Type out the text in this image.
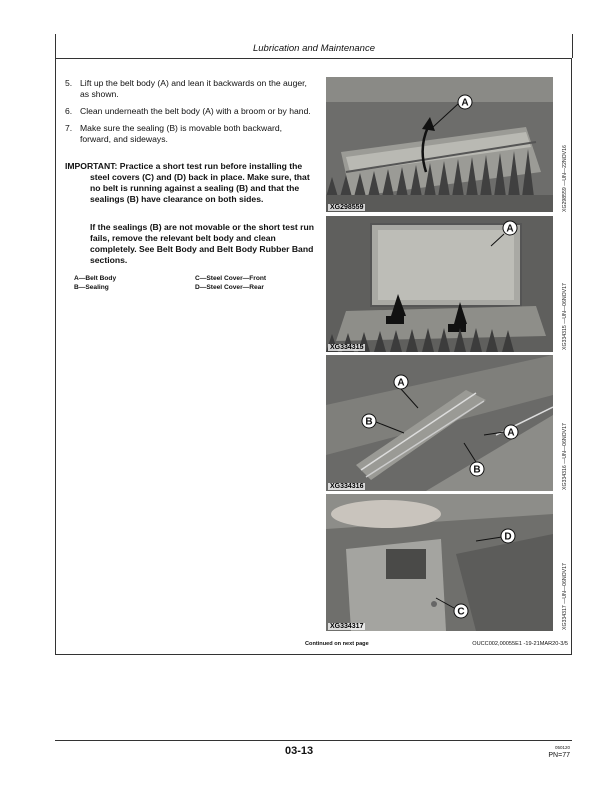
Lubrication and Maintenance
5. Lift up the belt body (A) and lean it backwards on the auger, as shown.
6. Clean underneath the belt body (A) with a broom or by hand.
7. Make sure the sealing (B) is movable both backward, forward, and sideways.
IMPORTANT: Practice a short test run before installing the steel covers (C) and (D) back in place. Make sure, that no belt is running against a sealing (B) and that the sealings (B) have clearance on both sides.
If the sealings (B) are not movable or the short test run fails, remove the relevant belt body and clean completely. See Belt Body and Belt Body Rubber Band sections.
A—Belt Body
B—Sealing
C—Steel Cover—Front
D—Steel Cover—Rear
A
XG298559	XG298559 —UN—22NOV16
A
XG334315	XG334315 —UN—06NOV17
A
B
A
B
XG334316	XG334316 —UN—06NOV17
D
C
XG334317	XG334317 —UN—06NOV17
Continued on next page	OUCC002,00055E1 -19-21MAR20-3/5
03-13	050120
PN=77
